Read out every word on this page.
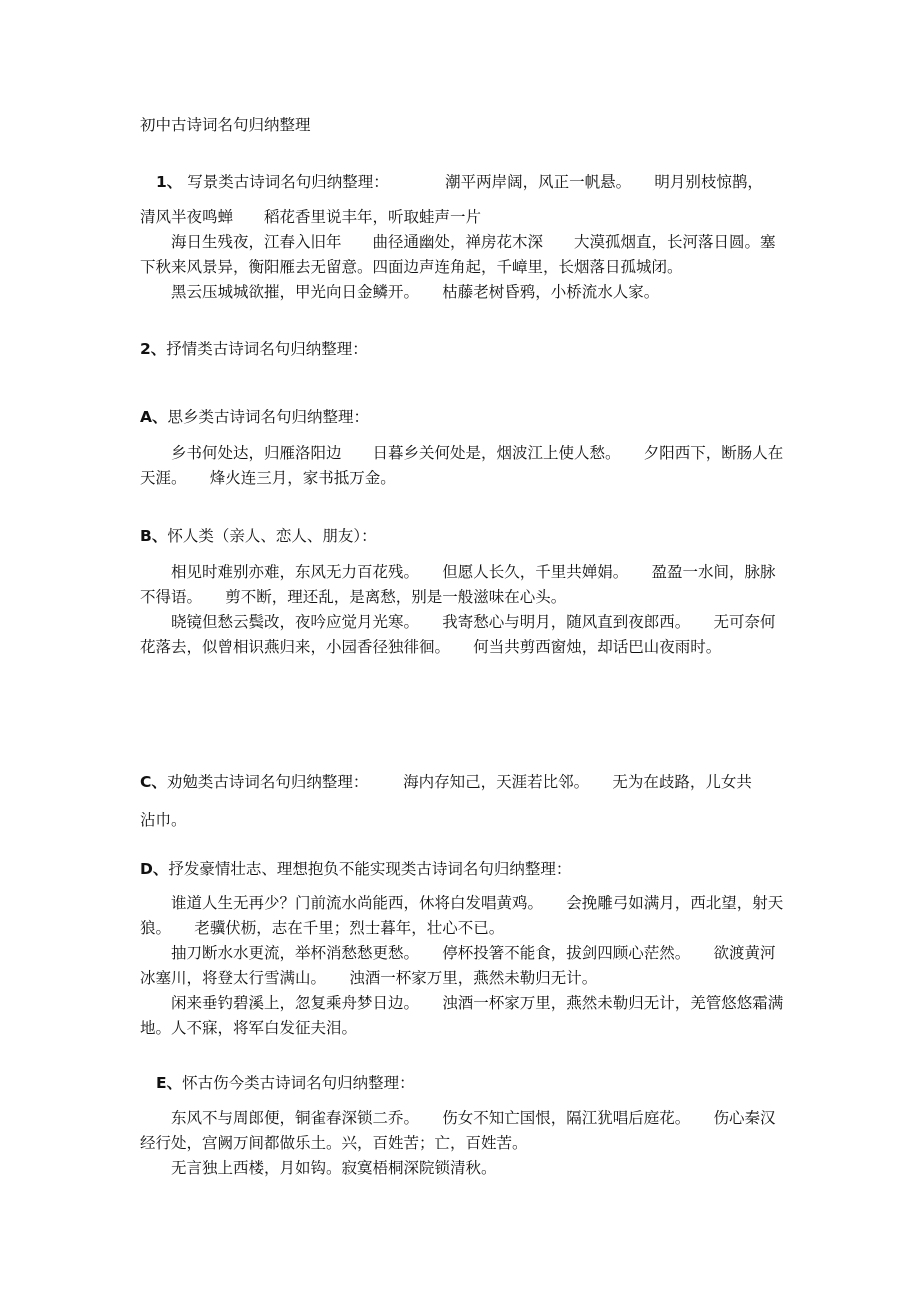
初中古诗词名句归纳整理
1、 写景类古诗词名句归纳整理：	潮平两岸阔，风正一帆悬。　　明月别枝惊鹊，
清风半夜鸣蝉　　稻花香里说丰年，听取蛙声一片
海日生残夜，江春入旧年　　曲径通幽处，禅房花木深　　大漠孤烟直，长河落日圆。塞下秋来风景异，衡阳雁去无留意。四面边声连角起，千嶂里，长烟落日孤城闭。
黑云压城城欲摧，甲光向日金鳞开。　　枯藤老树昏鸦，小桥流水人家。
2、抒情类古诗词名句归纳整理：
A、思乡类古诗词名句归纳整理：
乡书何处达，归雁洛阳边　　日暮乡关何处是，烟波江上使人愁。　　夕阳西下，断肠人在天涯。　　烽火连三月，家书抵万金。
B、怀人类（亲人、恋人、朋友）：
相见时难别亦难，东风无力百花残。　　但愿人长久，千里共婵娟。　　盈盈一水间，脉脉不得语。　　剪不断，理还乱，是离愁，别是一般滋味在心头。
晓镜但愁云鬓改，夜吟应觉月光寒。　　我寄愁心与明月，随风直到夜郎西。　　无可奈何花落去，似曾相识燕归来，小园香径独徘徊。　　何当共剪西窗烛，却话巴山夜雨时。
C、劝勉类古诗词名句归纳整理： 海内存知己，天涯若比邻。　　无为在歧路，儿女共
沾巾。
D、抒发豪情壮志、理想抱负不能实现类古诗词名句归纳整理：
谁道人生无再少？门前流水尚能西，休将白发唱黄鸡。　　会挽雕弓如满月，西北望，射天狼。　　老骥伏枥，志在千里；烈士暮年，壮心不已。
抽刀断水水更流，举杯消愁愁更愁。　　停杯投箸不能食，拔剑四顾心茫然。　　欲渡黄河冰塞川，将登太行雪满山。　　浊酒一杯家万里，燕然未勒归无计。
闲来垂钓碧溪上，忽复乘舟梦日边。　　浊酒一杯家万里，燕然未勒归无计，羌管悠悠霜满地。人不寐，将军白发征夫泪。
E、怀古伤今类古诗词名句归纳整理：
东风不与周郎便，铜雀春深锁二乔。　　伤女不知亡国恨，隔江犹唱后庭花。　　伤心秦汉经行处，宫阙万间都做乐土。兴，百姓苦；亡，百姓苦。
无言独上西楼，月如钩。寂寞梧桐深院锁清秋。
